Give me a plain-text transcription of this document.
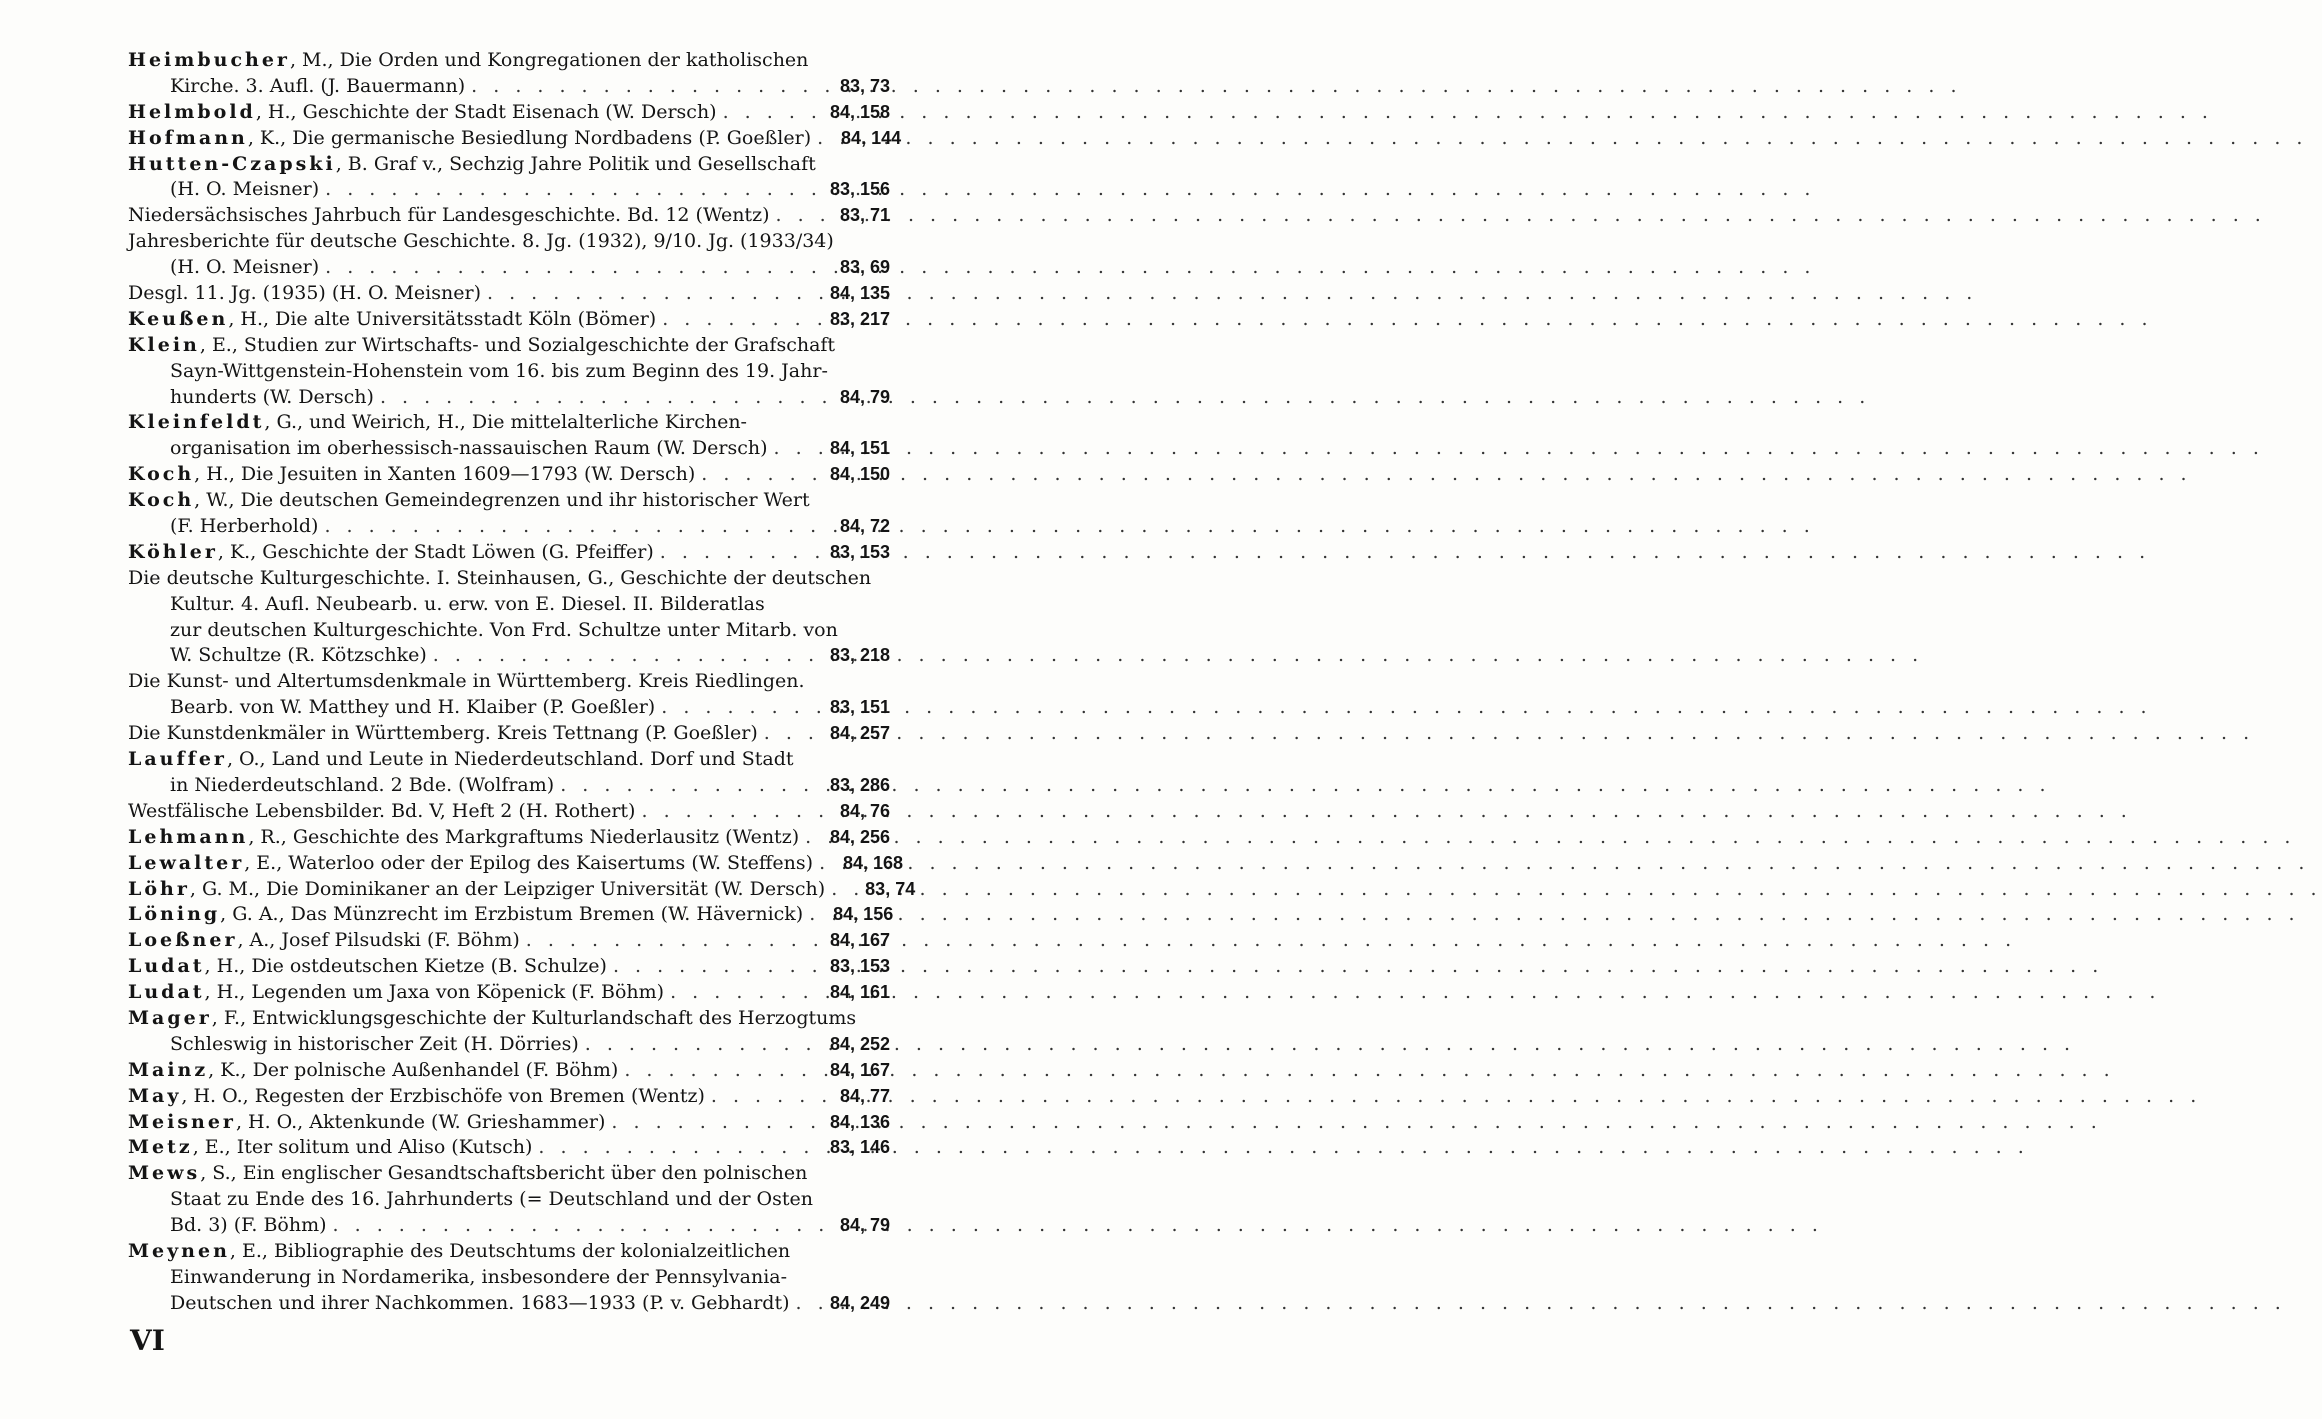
Heimbucher, M., Die Orden und Kongregationen der katholischen
Kirche. 3. Aufl. (J. Bauermann) . . .	83, 73
Helmbold, H., Geschichte der Stadt Eisenach (W. Dersch) . . .	84, 158
Hofmann, K., Die germanische Besiedlung Nordbadens (P. Goeßler) . . .	84, 144
Hutten-Czapski, B. Graf v., Sechzig Jahre Politik und Gesellschaft
(H. O. Meisner) . . .	83, 156
Niedersächsisches Jahrbuch für Landesgeschichte. Bd. 12 (Wentz) . . .	83, 71
Jahresberichte für deutsche Geschichte. 8. Jg. (1932), 9/10. Jg. (1933/34)
(H. O. Meisner) . . .	83, 69
Desgl. 11. Jg. (1935) (H. O. Meisner) . . .	84, 135
Keußen, H., Die alte Universitätsstadt Köln (Bömer) . . .	83, 217
Klein, E., Studien zur Wirtschafts- und Sozialgeschichte der Grafschaft
Sayn-Wittgenstein-Hohenstein vom 16. bis zum Beginn des 19. Jahr-
hunderts (W. Dersch) . . .	84, 79
Kleinfeldt, G., und Weirich, H., Die mittelalterliche Kirchen-
organisation im oberhessisch-nassauischen Raum (W. Dersch) . . .	84, 151
Koch, H., Die Jesuiten in Xanten 1609—1793 (W. Dersch) . . .	84, 150
Koch, W., Die deutschen Gemeindegrenzen und ihr historischer Wert
(F. Herberhold) . . .	84, 72
Köhler, K., Geschichte der Stadt Löwen (G. Pfeiffer) . . .	83, 153
Die deutsche Kulturgeschichte. I. Steinhausen, G., Geschichte der deutschen
Kultur. 4. Aufl. Neubearb. u. erw. von E. Diesel. II. Bilderatlas
zur deutschen Kulturgeschichte. Von Frd. Schultze unter Mitarb. von
W. Schultze (R. Kötzschke) . . .	83, 218
Die Kunst- und Altertumsdenkmale in Württemberg. Kreis Riedlingen.
Bearb. von W. Matthey und H. Klaiber (P. Goeßler) . . .	83, 151
Die Kunstdenkmäler in Württemberg. Kreis Tettnang (P. Goeßler) . . .	84, 257
Lauffer, O., Land und Leute in Niederdeutschland. Dorf und Stadt
in Niederdeutschland. 2 Bde. (Wolfram) . . .	83, 286
Westfälische Lebensbilder. Bd. V, Heft 2 (H. Rothert) . . .	84, 76
Lehmann, R., Geschichte des Markgraftums Niederlausitz (Wentz) . . .	84, 256
Lewalter, E., Waterloo oder der Epilog des Kaisertums (W. Steffens) . . .	84, 168
Löhr, G. M., Die Dominikaner an der Leipziger Universität (W. Dersch) . . .	83, 74
Löning, G. A., Das Münzrecht im Erzbistum Bremen (W. Hävernick) . . .	84, 156
Loeßner, A., Josef Pilsudski (F. Böhm) . . .	84, 167
Ludat, H., Die ostdeutschen Kietze (B. Schulze) . . .	83, 153
Ludat, H., Legenden um Jaxa von Köpenick (F. Böhm) . . .	84, 161
Mager, F., Entwicklungsgeschichte der Kulturlandschaft des Herzogtums
Schleswig in historischer Zeit (H. Dörries) . . .	84, 252
Mainz, K., Der polnische Außenhandel (F. Böhm) . . .	84, 167
May, H. O., Regesten der Erzbischöfe von Bremen (Wentz) . . .	84, 77
Meisner, H. O., Aktenkunde (W. Grieshammer) . . .	84, 136
Metz, E., Iter solitum und Aliso (Kutsch) . . .	83, 146
Mews, S., Ein englischer Gesandtschaftsbericht über den polnischen
Staat zu Ende des 16. Jahrhunderts (= Deutschland und der Osten
Bd. 3) (F. Böhm) . . .	84, 79
Meynen, E., Bibliographie des Deutschtums der kolonialzeitlichen
Einwanderung in Nordamerika, insbesondere der Pennsylvania-
Deutschen und ihrer Nachkommen. 1683—1933 (P. v. Gebhardt) . . .	84, 249
VI
